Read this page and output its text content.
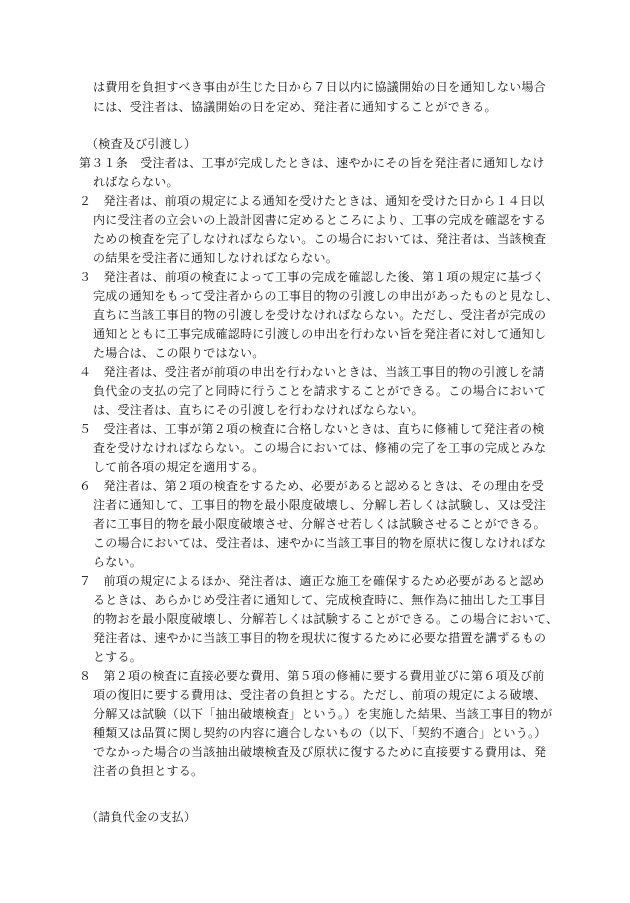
は費用を負担すべき事由が生じた日から７日以内に協議開始の日を通知しない場合
には、受注者は、協議開始の日を定め、発注者に通知することができる。
（検査及び引渡し）
第３１条　受注者は、工事が完成したときは、速やかにその旨を発注者に通知しなけ
ればならない。
２　発注者は、前項の規定による通知を受けたときは、通知を受けた日から１４日以
内に受注者の立会いの上設計図書に定めるところにより、工事の完成を確認をする
ための検査を完了しなければならない。この場合においては、発注者は、当該検査
の結果を受注者に通知しなければならない。
３　発注者は、前項の検査によって工事の完成を確認した後、第１項の規定に基づく
完成の通知をもって受注者からの工事目的物の引渡しの申出があったものと見なし、
直ちに当該工事目的物の引渡しを受けなければならない。ただし、受注者が完成の
通知とともに工事完成確認時に引渡しの申出を行わない旨を発注者に対して通知し
た場合は、この限りではない。
４　発注者は、受注者が前項の申出を行わないときは、当該工事目的物の引渡しを請
負代金の支払の完了と同時に行うことを請求することができる。この場合において
は、受注者は、直ちにその引渡しを行わなければならない。
５　受注者は、工事が第２項の検査に合格しないときは、直ちに修補して発注者の検
査を受けなければならない。この場合においては、修補の完了を工事の完成とみな
して前各項の規定を適用する。
６　発注者は、第２項の検査をするため、必要があると認めるときは、その理由を受
注者に通知して、工事目的物を最小限度破壊し、分解し若しくは試験し、又は受注
者に工事目的物を最小限度破壊させ、分解させ若しくは試験させることができる。
この場合においては、受注者は、速やかに当該工事目的物を原状に復しなければな
らない。
７　前項の規定によるほか、発注者は、適正な施工を確保するため必要があると認め
るときは、あらかじめ受注者に通知して、完成検査時に、無作為に抽出した工事目
的物おを最小限度破壊し、分解若しくは試験することができる。この場合において、
発注者は、速やかに当該工事目的物を現状に復するために必要な措置を講ずるもの
とする。
８　第２項の検査に直接必要な費用、第５項の修補に要する費用並びに第６項及び前
項の復旧に要する費用は、受注者の負担とする。ただし、前項の規定による破壊、
分解又は試験（以下「抽出破壊検査」という。）を実施した結果、当該工事目的物が
種類又は品質に関し契約の内容に適合しないもの（以下、「契約不適合」という。）
でなかった場合の当該抽出破壊検査及び原状に復するために直接要する費用は、発
注者の負担とする。
（請負代金の支払）
